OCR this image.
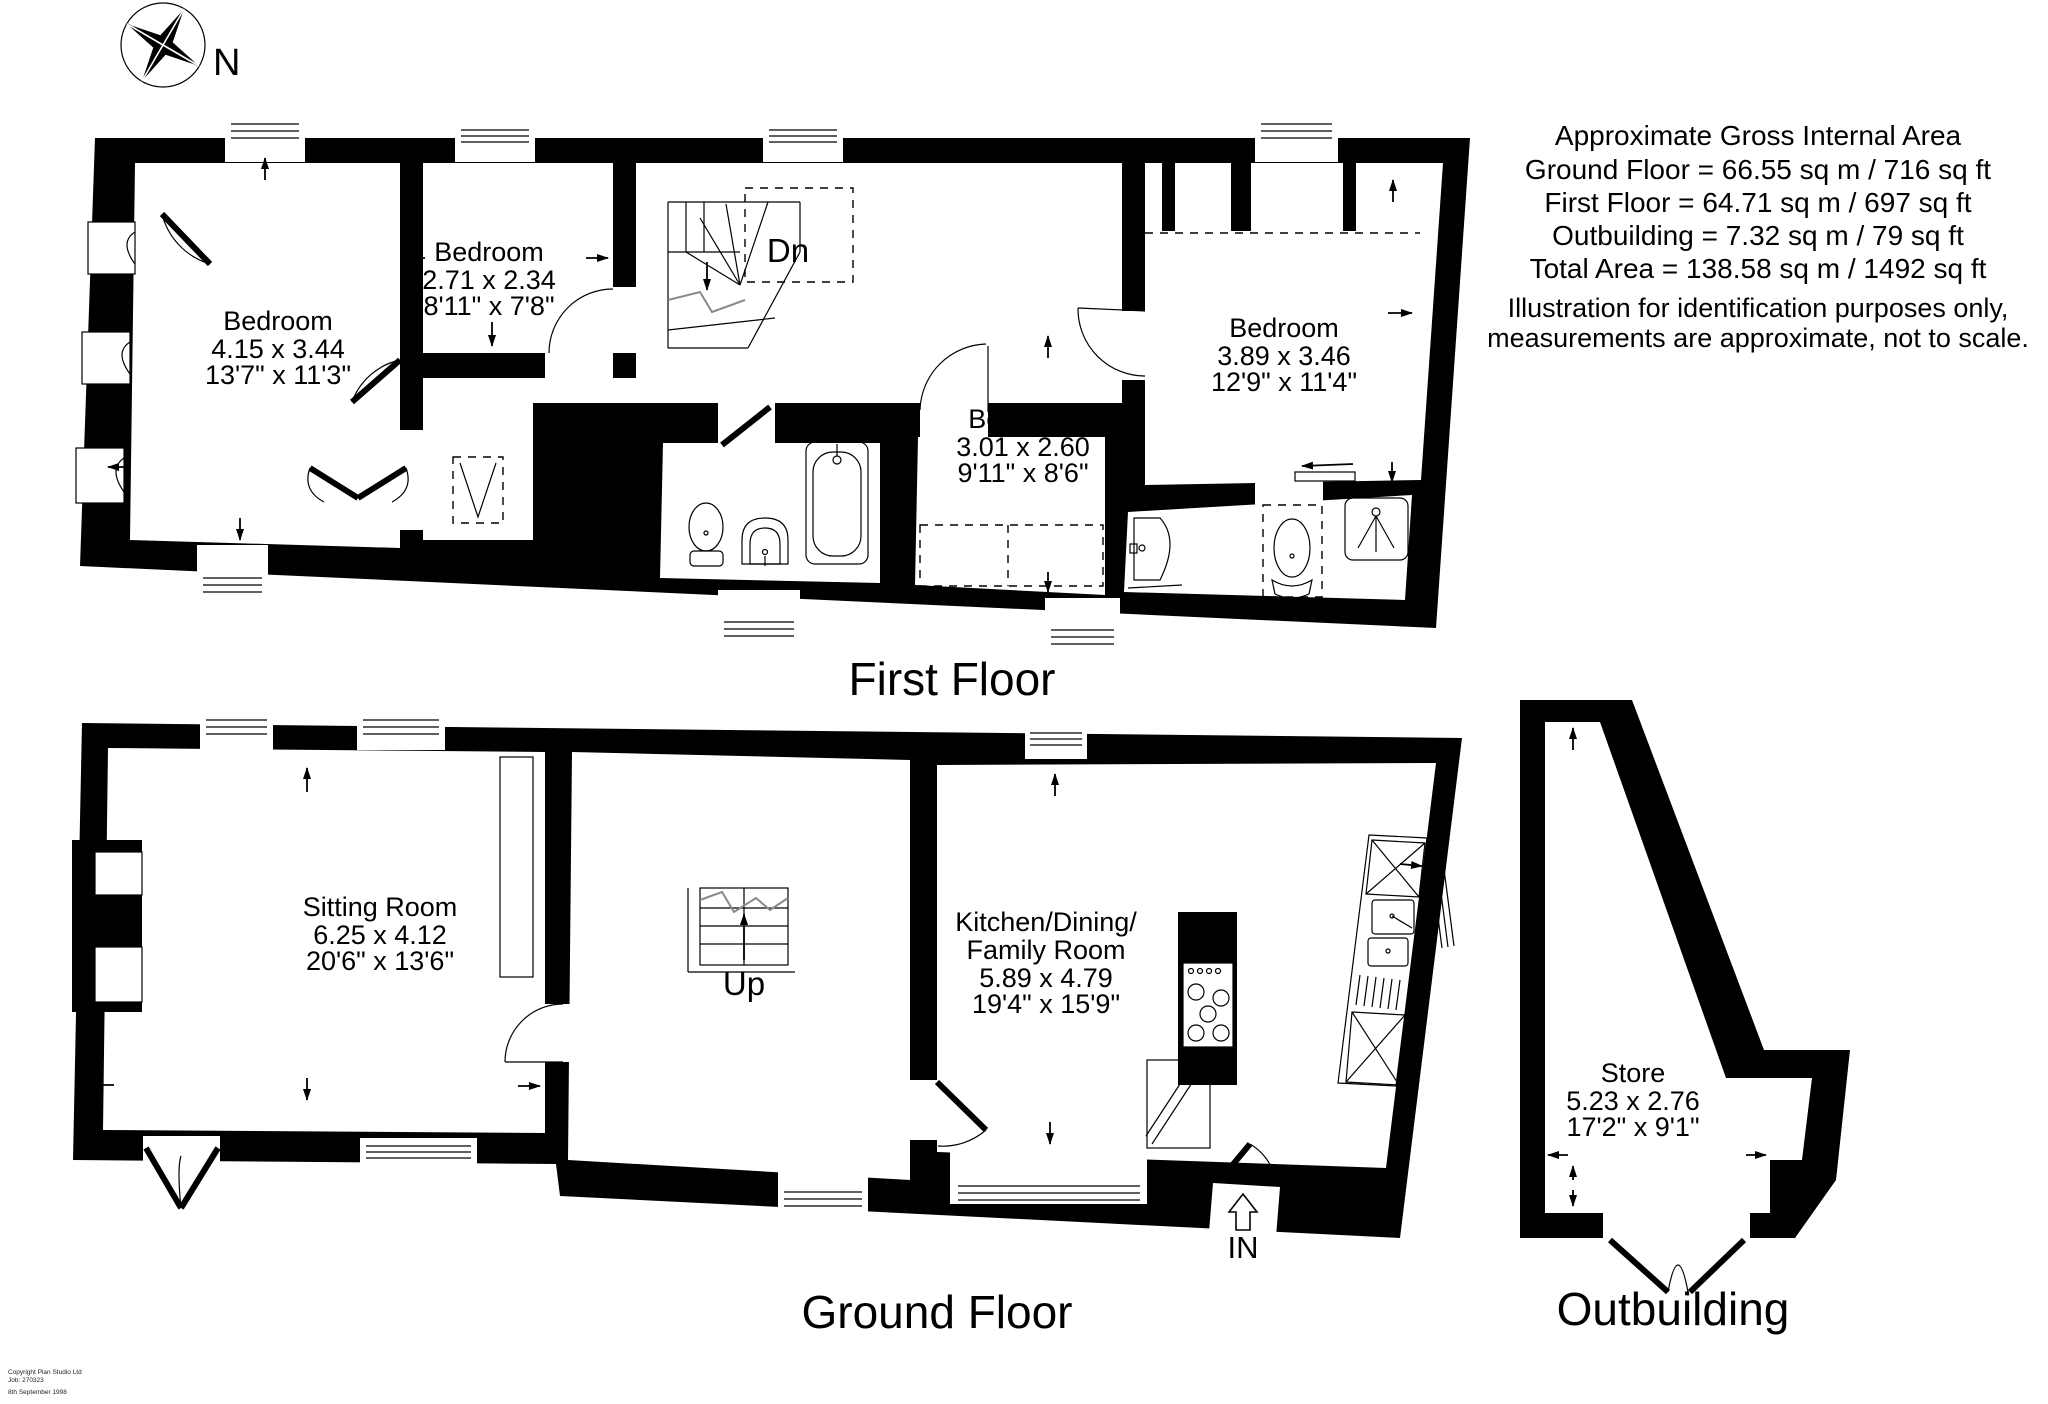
N
Approximate Gross Internal Area
Ground Floor = 66.55 sq m / 716 sq ft
First Floor = 64.71 sq m / 697 sq ft
Outbuilding = 7.32 sq m / 79 sq ft
Total Area = 138.58 sq m / 1492 sq ft
Illustration for identification purposes only,
measurements are approximate, not to scale.
Bedroom
4.15 x 3.44
13'7" x 11'3"
Bedroom
2.71 x 2.34
8'11" x 7'8"
Dn
Bedroom
3.01 x 2.60
9'11" x 8'6"
Bedroom
3.89 x 3.46
12'9" x 11'4"
First Floor
Sitting Room
6.25 x 4.12
20'6" x 13'6"
Up
Kitchen/Dining/
Family Room
5.89 x 4.79
19'4" x 15'9"
IN
Ground Floor
Store
5.23 x 2.76
17'2" x 9'1"
Outbuilding
Copyright Plan Studio Ltd
Job: 270323
8th September 1998
